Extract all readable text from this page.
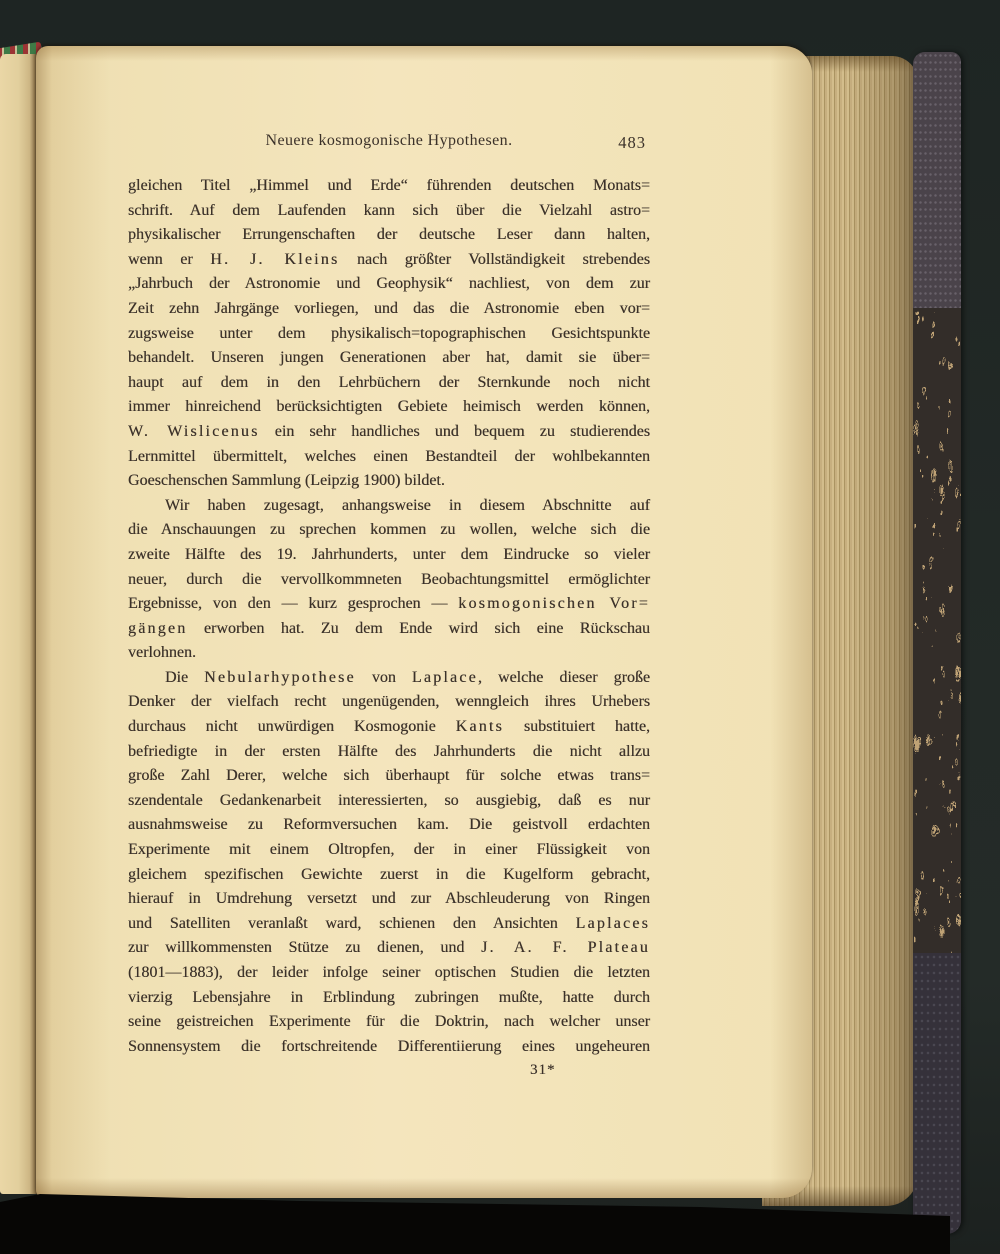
Neuere kosmogonische Hypothesen.	483
gleichen Titel „Himmel und Erde“ führenden deutschen Monats=
schrift. Auf dem Laufenden kann sich über die Vielzahl astro=
physikalischer Errungenschaften der deutsche Leser dann halten,
wenn er H. J. Kleins nach größter Vollständigkeit strebendes
„Jahrbuch der Astronomie und Geophysik“ nachliest, von dem zur
Zeit zehn Jahrgänge vorliegen, und das die Astronomie eben vor=
zugsweise unter dem physikalisch=topographischen Gesichtspunkte
behandelt. Unseren jungen Generationen aber hat, damit sie über=
haupt auf dem in den Lehrbüchern der Sternkunde noch nicht
immer hinreichend berücksichtigten Gebiete heimisch werden können,
W. Wislicenus ein sehr handliches und bequem zu studierendes
Lernmittel übermittelt, welches einen Bestandteil der wohlbekannten
Goeschenschen Sammlung (Leipzig 1900) bildet.
Wir haben zugesagt, anhangsweise in diesem Abschnitte auf
die Anschauungen zu sprechen kommen zu wollen, welche sich die
zweite Hälfte des 19. Jahrhunderts, unter dem Eindrucke so vieler
neuer, durch die vervollkommneten Beobachtungsmittel ermöglichter
Ergebnisse, von den — kurz gesprochen — kosmogonischen Vor=
gängen erworben hat. Zu dem Ende wird sich eine Rückschau
verlohnen.
Die Nebularhypothese von Laplace, welche dieser große
Denker der vielfach recht ungenügenden, wenngleich ihres Urhebers
durchaus nicht unwürdigen Kosmogonie Kants substituiert hatte,
befriedigte in der ersten Hälfte des Jahrhunderts die nicht allzu
große Zahl Derer, welche sich überhaupt für solche etwas trans=
szendentale Gedankenarbeit interessierten, so ausgiebig, daß es nur
ausnahmsweise zu Reformversuchen kam. Die geistvoll erdachten
Experimente mit einem Oltropfen, der in einer Flüssigkeit von
gleichem spezifischen Gewichte zuerst in die Kugelform gebracht,
hierauf in Umdrehung versetzt und zur Abschleuderung von Ringen
und Satelliten veranlaßt ward, schienen den Ansichten Laplaces
zur willkommensten Stütze zu dienen, und J. A. F. Plateau
(1801—1883), der leider infolge seiner optischen Studien die letzten
vierzig Lebensjahre in Erblindung zubringen mußte, hatte durch
seine geistreichen Experimente für die Doktrin, nach welcher unser
Sonnensystem die fortschreitende Differentiierung eines ungeheuren
31*
